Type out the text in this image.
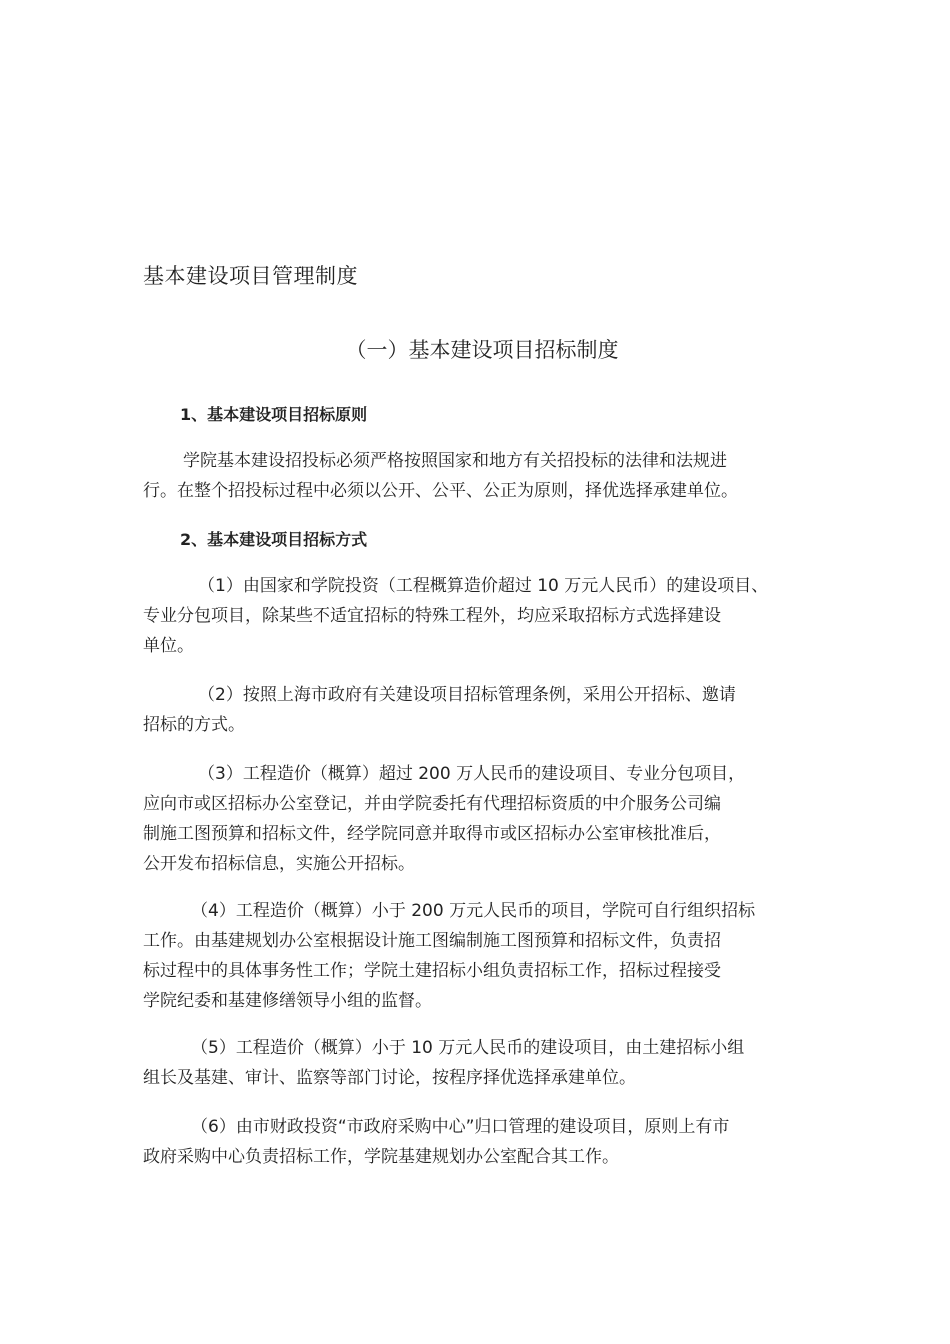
基本建设项目管理制度
（一）基本建设项目招标制度
1、基本建设项目招标原则

学院基本建设招投标必须严格按照国家和地方有关招投标的法律和法规进
行。在整个招投标过程中必须以公开、公平、公正为原则，择优选择承建单位。

2、基本建设项目招标方式

（1）由国家和学院投资（工程概算造价超过 10 万元人民币）的建设项目、
专业分包项目，除某些不适宜招标的特殊工程外，均应采取招标方式选择建设
单位。

（2）按照上海市政府有关建设项目招标管理条例，采用公开招标、邀请
招标的方式。

（3）工程造价（概算）超过 200 万人民币的建设项目、专业分包项目，
应向市或区招标办公室登记，并由学院委托有代理招标资质的中介服务公司编
制施工图预算和招标文件，经学院同意并取得市或区招标办公室审核批准后，
公开发布招标信息，实施公开招标。

（4）工程造价（概算）小于 200 万元人民币的项目，学院可自行组织招标
工作。由基建规划办公室根据设计施工图编制施工图预算和招标文件，负责招
标过程中的具体事务性工作；学院土建招标小组负责招标工作，招标过程接受
学院纪委和基建修缮领导小组的监督。

（5）工程造价（概算）小于 10 万元人民币的建设项目，由土建招标小组
组长及基建、审计、监察等部门讨论，按程序择优选择承建单位。

（6）由市财政投资“市政府采购中心”归口管理的建设项目，原则上有市
政府采购中心负责招标工作，学院基建规划办公室配合其工作。
